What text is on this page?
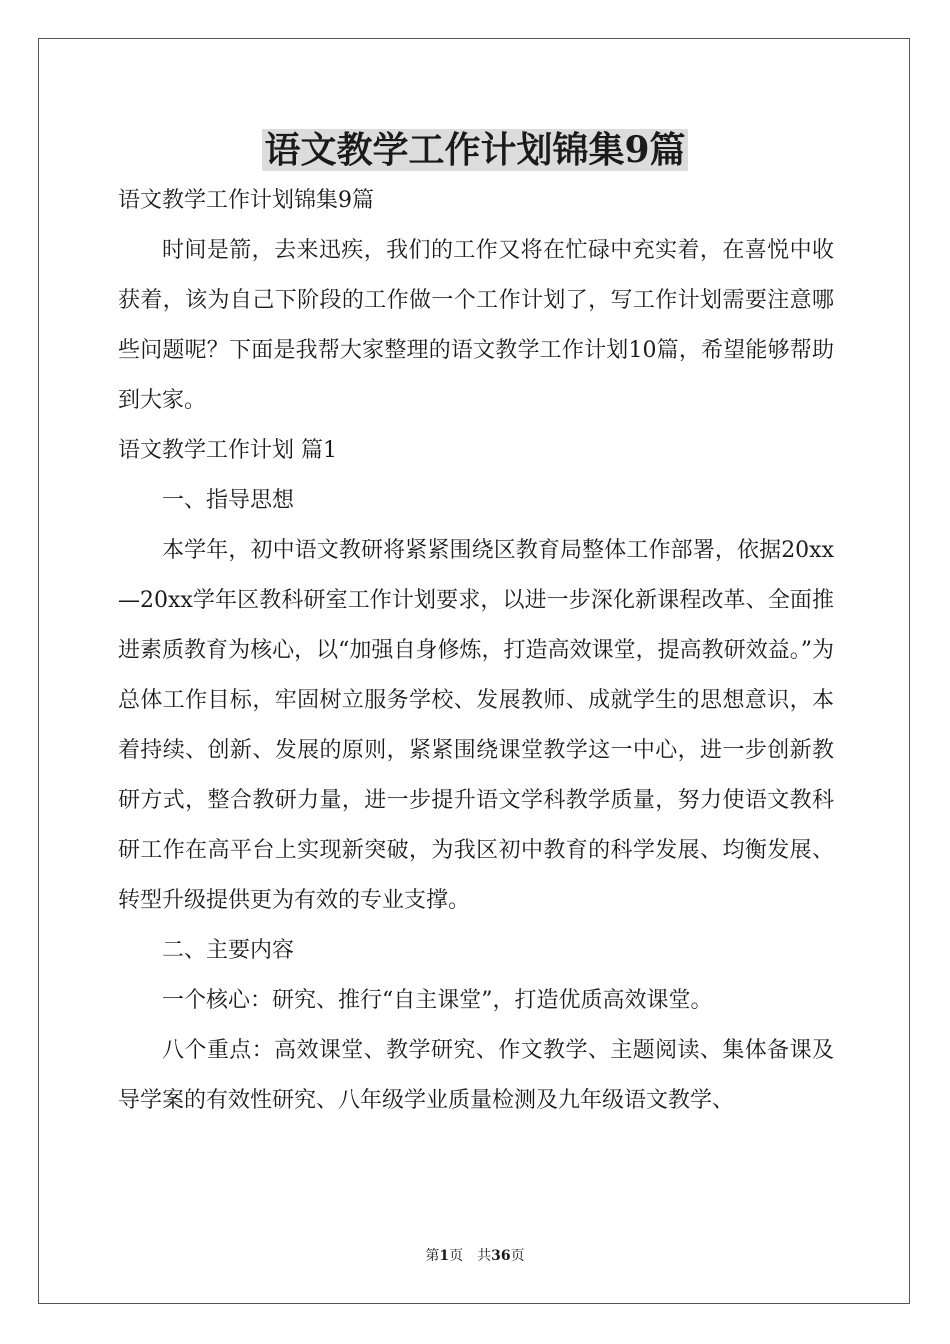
语文教学工作计划锦集9篇

语文教学工作计划锦集9篇

时间是箭，去来迅疾，我们的工作又将在忙碌中充实着，在喜悦中收获着，该为自己下阶段的工作做一个工作计划了，写工作计划需要注意哪些问题呢？下面是我帮大家整理的语文教学工作计划10篇，希望能够帮助到大家。

语文教学工作计划 篇1

一、指导思想

本学年，初中语文教研将紧紧围绕区教育局整体工作部署，依据20xx—20xx学年区教科研室工作计划要求，以进一步深化新课程改革、全面推进素质教育为核心，以“加强自身修炼，打造高效课堂，提高教研效益。”为总体工作目标，牢固树立服务学校、发展教师、成就学生的思想意识，本着持续、创新、发展的原则，紧紧围绕课堂教学这一中心，进一步创新教研方式，整合教研力量，进一步提升语文学科教学质量，努力使语文教科研工作在高平台上实现新突破，为我区初中教育的科学发展、均衡发展、转型升级提供更为有效的专业支撑。

二、主要内容

一个核心：研究、推行“自主课堂”，打造优质高效课堂。

八个重点：高效课堂、教学研究、作文教学、主题阅读、集体备课及导学案的有效性研究、八年级学业质量检测及九年级语文教学、

第1页　共36页
